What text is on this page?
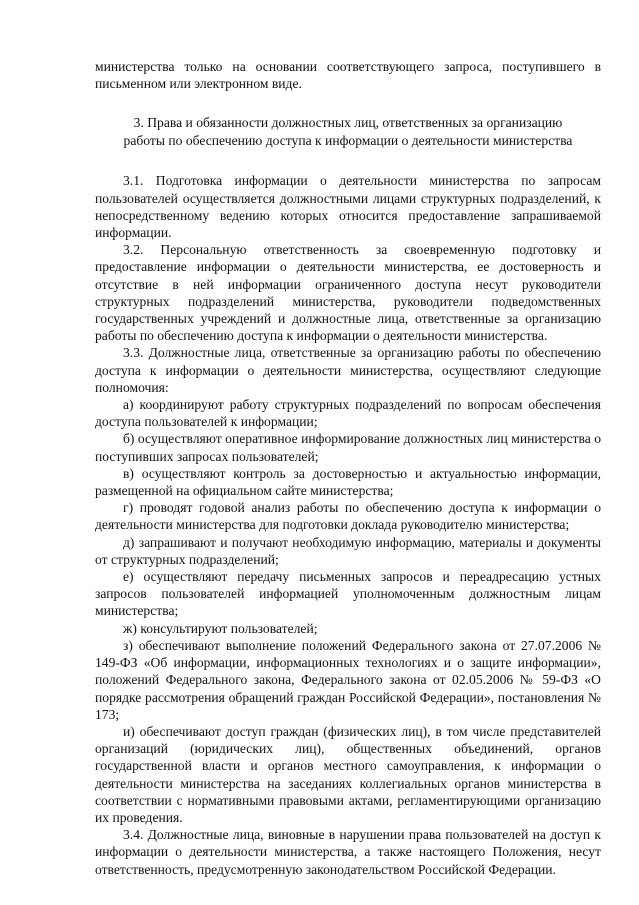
министерства только на основании соответствующего запроса, поступившего в письменном или электронном виде.

3. Права и обязанности должностных лиц, ответственных за организацию
работы по обеспечению доступа к информации о деятельности министерства

3.1. Подготовка информации о деятельности министерства по запросам пользователей осуществляется должностными лицами структурных подразделений, к непосредственному ведению которых относится предоставление запрашиваемой информации.

3.2. Персональную ответственность за своевременную подготовку и предоставление информации о деятельности министерства, ее достоверность и отсутствие в ней информации ограниченного доступа несут руководители структурных подразделений министерства, руководители подведомственных государственных учреждений и должностные лица, ответственные за организацию работы по обеспечению доступа к информации о деятельности министерства.

3.3. Должностные лица, ответственные за организацию работы по обеспечению доступа к информации о деятельности министерства, осуществляют следующие полномочия:

а) координируют работу структурных подразделений по вопросам обеспечения доступа пользователей к информации;

б) осуществляют оперативное информирование должностных лиц министерства о поступивших запросах пользователей;

в) осуществляют контроль за достоверностью и актуальностью информации, размещенной на официальном сайте министерства;

г) проводят годовой анализ работы по обеспечению доступа к информации о деятельности министерства для подготовки доклада руководителю министерства;

д) запрашивают и получают необходимую информацию, материалы и документы от структурных подразделений;

е) осуществляют передачу письменных запросов и переадресацию устных запросов пользователей информацией уполномоченным должностным лицам министерства;

ж) консультируют пользователей;

з) обеспечивают выполнение положений Федерального закона от 27.07.2006 № 149-ФЗ «Об информации, информационных технологиях и о защите информации», положений Федерального закона, Федерального закона от 02.05.2006 № 59-ФЗ «О порядке рассмотрения обращений граждан Российской Федерации», постановления № 173;

и) обеспечивают доступ граждан (физических лиц), в том числе представителей организаций (юридических лиц), общественных объединений, органов государственной власти и органов местного самоуправления, к информации о деятельности министерства на заседаниях коллегиальных органов министерства в соответствии с нормативными правовыми актами, регламентирующими организацию их проведения.

3.4. Должностные лица, виновные в нарушении права пользователей на доступ к информации о деятельности министерства, а также настоящего Положения, несут ответственность, предусмотренную законодательством Российской Федерации.
